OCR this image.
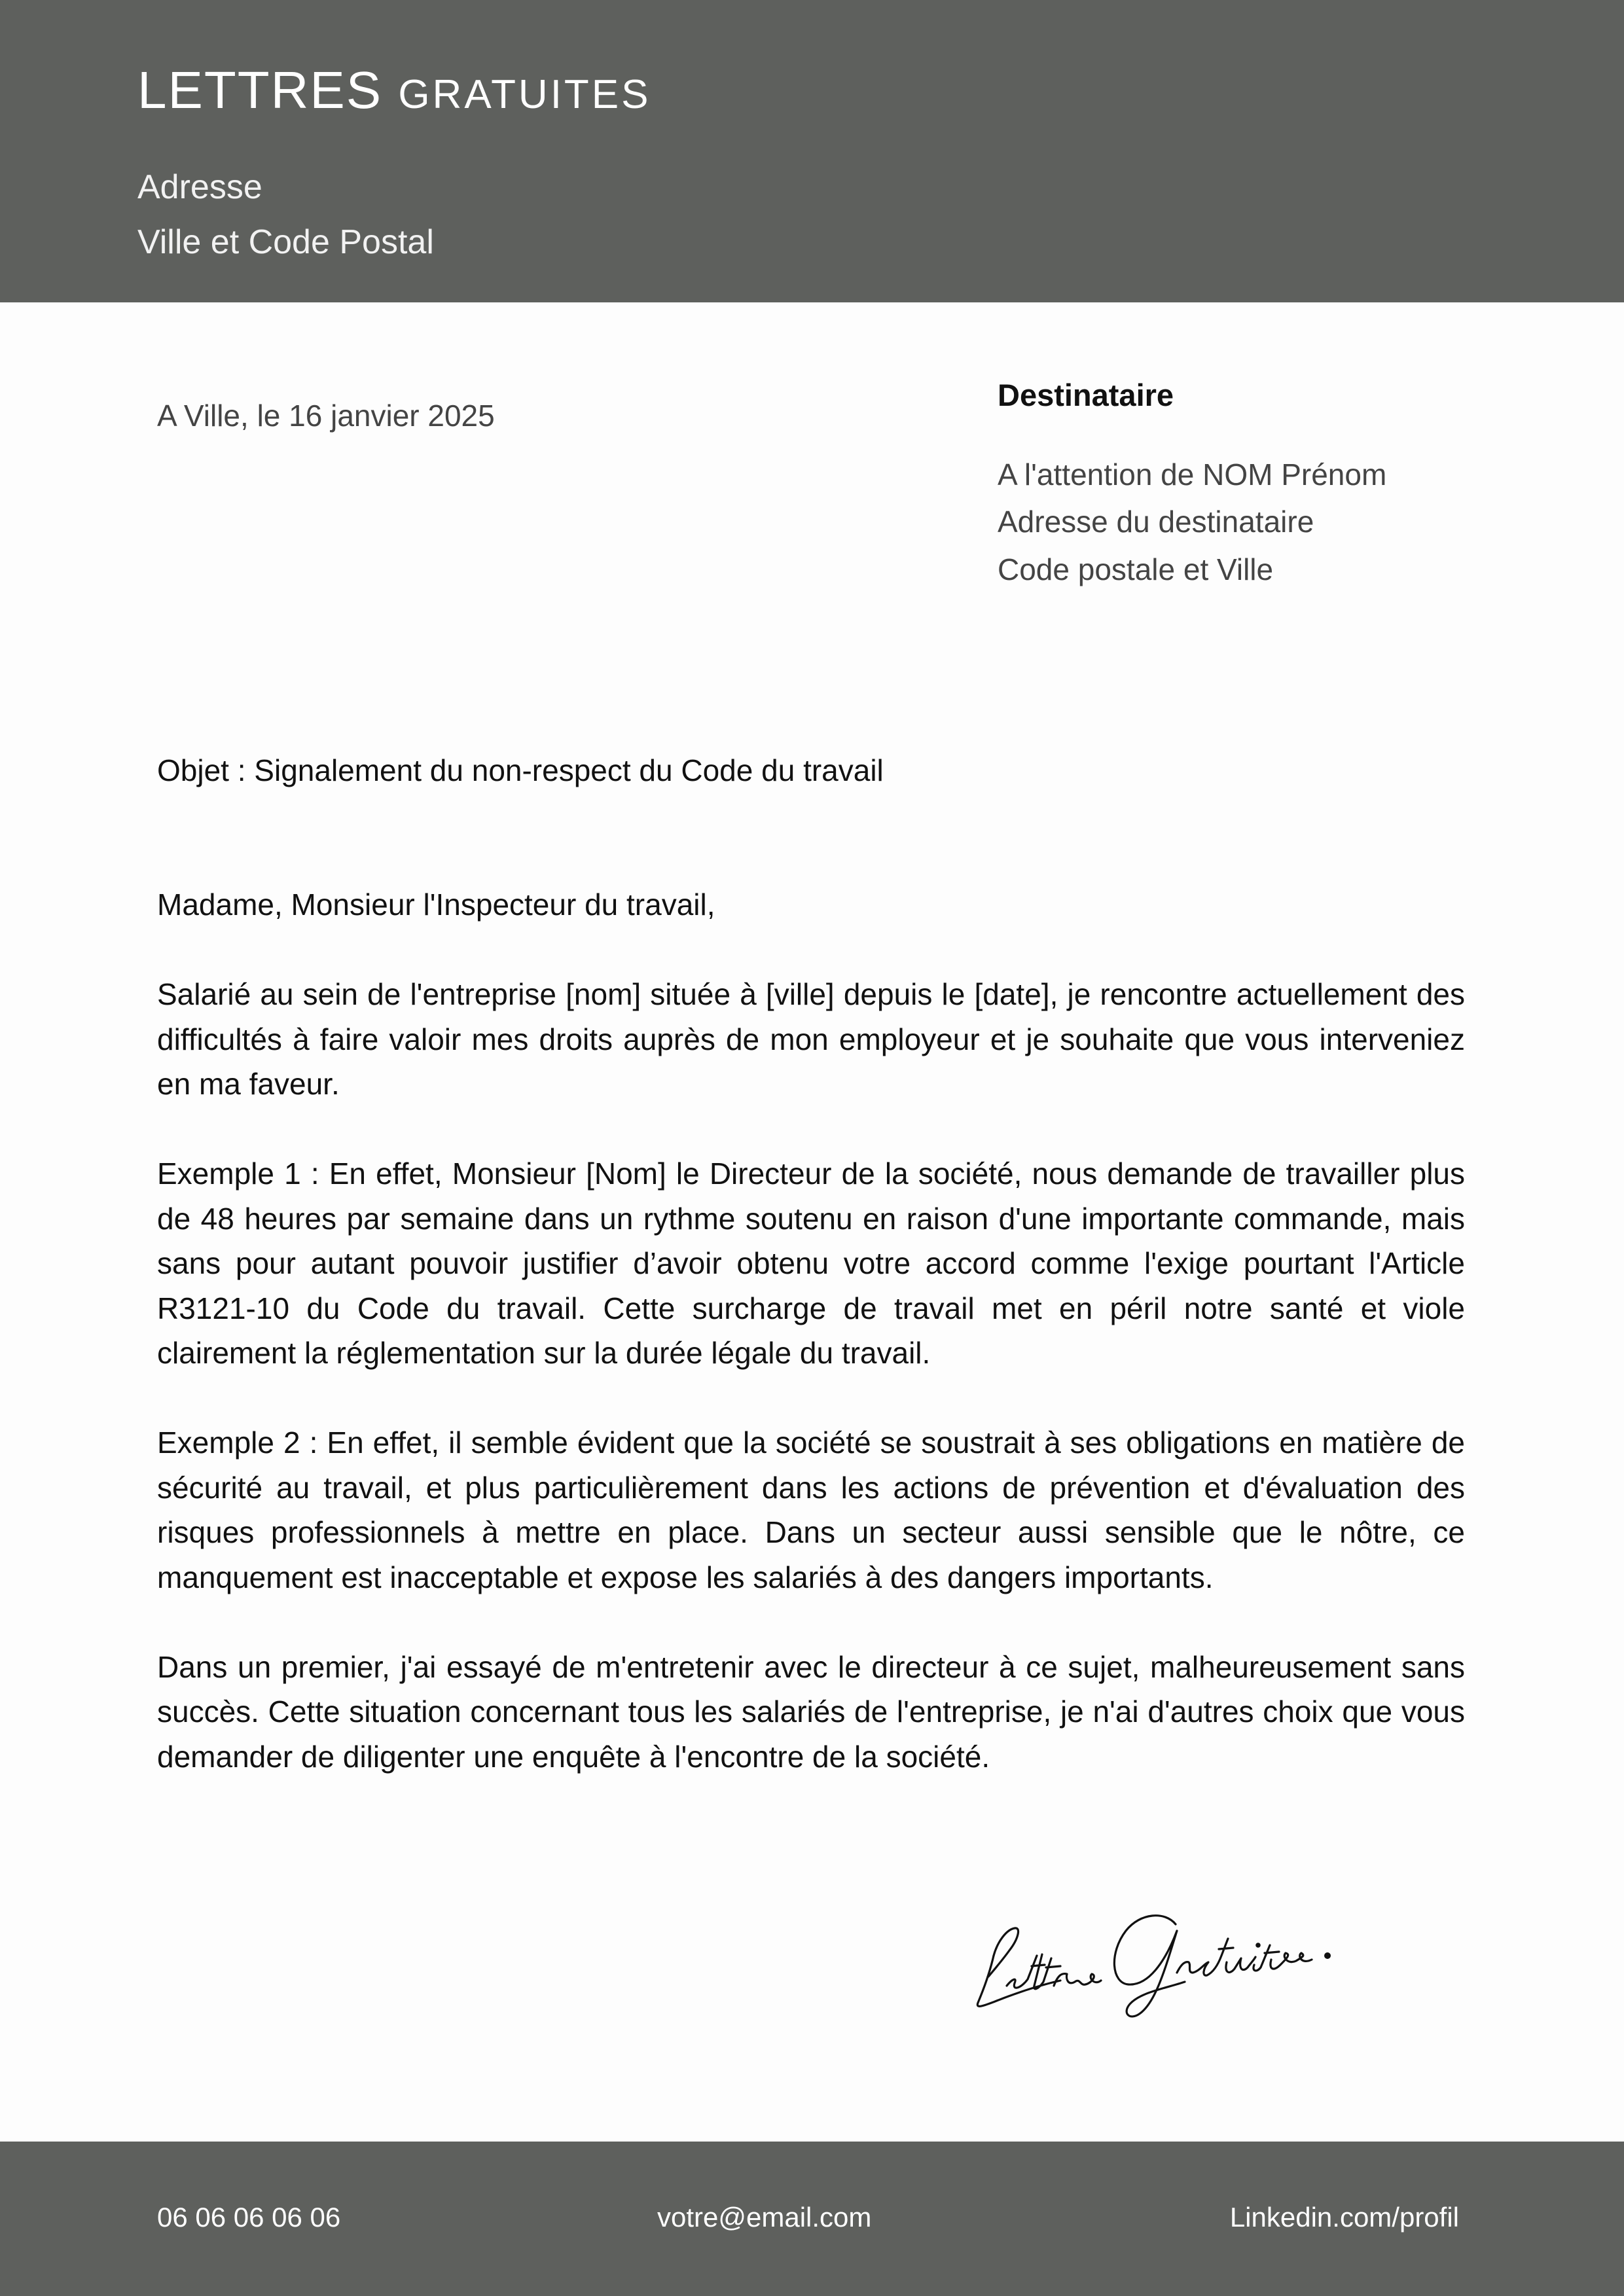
LETTRES GRATUITES
Adresse
Ville et Code Postal
A Ville, le 16 janvier 2025
Destinataire
A l'attention de NOM Prénom
Adresse du destinataire
Code postale et Ville
Objet : Signalement du non-respect du Code du travail

Madame, Monsieur l'Inspecteur du travail,

Salarié au sein de l'entreprise [nom] située à [ville] depuis le [date], je rencontre actuellement des difficultés à faire valoir mes droits auprès de mon employeur et je souhaite que vous interveniez en ma faveur.

Exemple 1 : En effet, Monsieur [Nom] le Directeur de la société, nous demande de travailler plus de 48 heures par semaine dans un rythme soutenu en raison d'une importante commande, mais sans pour autant pouvoir justifier d’avoir obtenu votre accord comme l'exige pourtant l'Article R3121-10 du Code du travail. Cette surcharge de travail met en péril notre santé et viole clairement la réglementation sur la durée légale du travail.

Exemple 2 : En effet, il semble évident que la société se soustrait à ses obligations en matière de sécurité au travail, et plus particulièrement dans les actions de prévention et d'évaluation des risques professionnels à mettre en place. Dans un secteur aussi sensible que le nôtre, ce manquement est inacceptable et expose les salariés à des dangers importants.

Dans un premier, j'ai essayé de m'entretenir avec le directeur à ce sujet, malheureusement sans succès. Cette situation concernant tous les salariés de l'entreprise, je n'ai d'autres choix que vous demander de diligenter une enquête à l'encontre de la société.

06 06 06 06 06	votre@email.com	Linkedin.com/profil
